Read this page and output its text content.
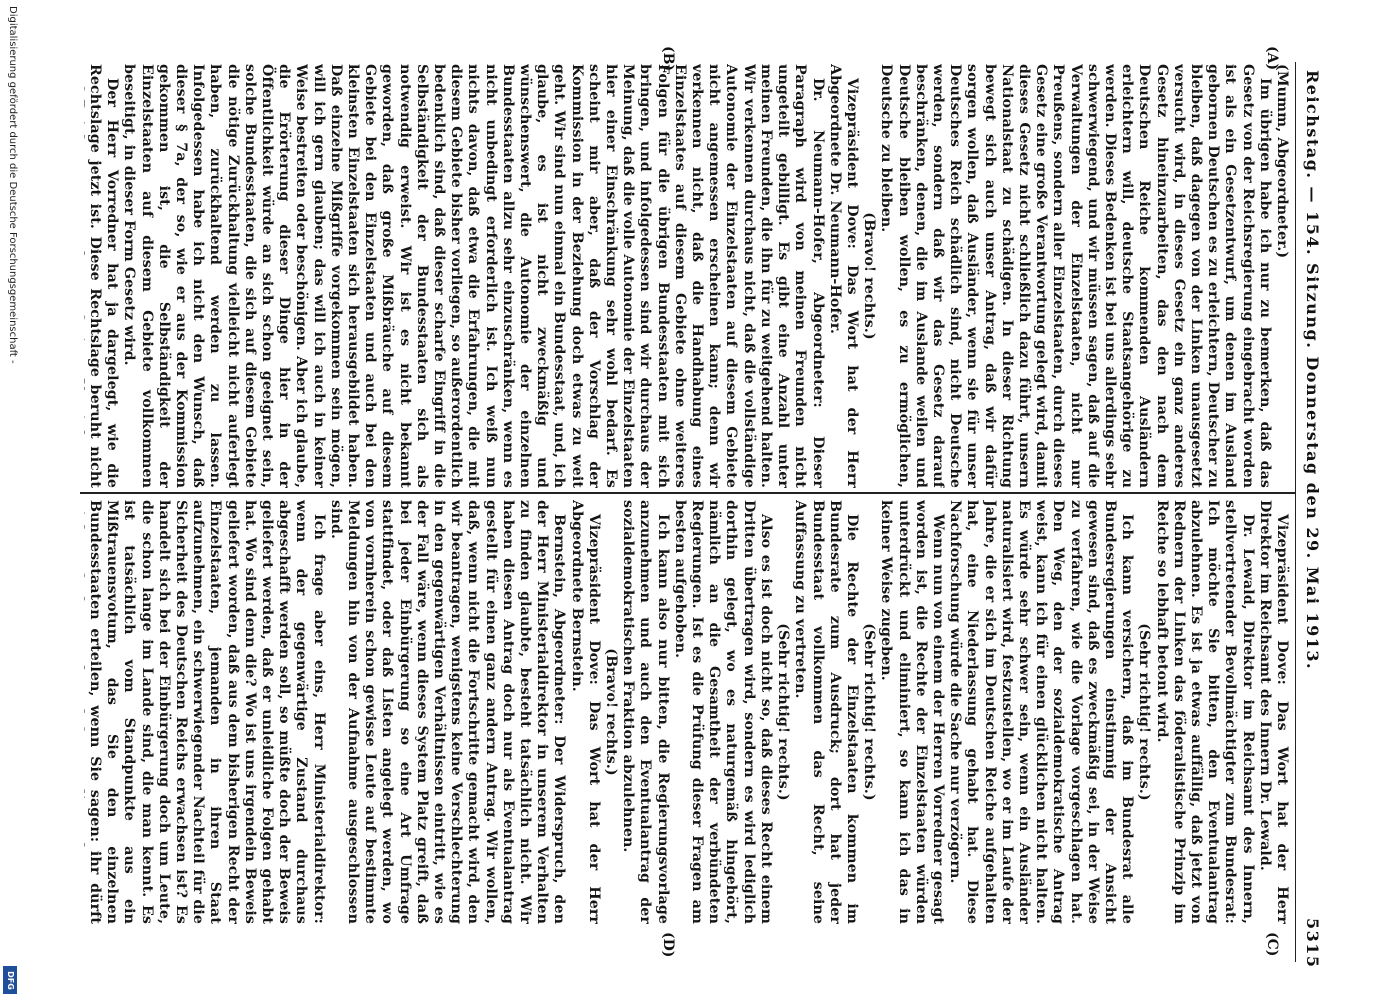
Reichstag. — 154. Sitzung. Donnerstag den 29. Mai 1913.
5315
(A)
(B)
(C)
(D)

(Mumm, Abgeordneter.)

Im übrigen habe ich nur zu bemerken, daß das Gesetz von der Reichsregierung eingebracht worden ist als ein Gesetzentwurf, um denen im Ausland gebornen Deutschen es zu erleichtern, Deutscher zu bleiben, daß dagegen von der Linken unausgesetzt versucht wird, in dieses Gesetz ein ganz anderes Gesetz hineinzuarbeiten, das den nach dem Deutschen Reiche kommenden Ausländern erleichtern will, deutsche Staatsangehörige zu werden. Dieses Bedenken ist bei uns allerdings sehr schwerwiegend, und wir müssen sagen, daß auf die Verwaltungen der Einzelstaaten, nicht nur Preußens, sondern aller Einzelstaaten, durch dieses Gesetz eine große Verantwortung gelegt wird, damit dieses Gesetz nicht schließlich dazu führt, unsern Nationalstaat zu schädigen. In dieser Richtung bewegt sich auch unser Antrag, daß wir dafür sorgen wollen, daß Ausländer, wenn sie für unser Deutsches Reich schädlich sind, nicht Deutsche werden, sondern daß wir das Gesetz darauf beschränken, denen, die im Auslande weilen und Deutsche bleiben wollen, es zu ermöglichen, Deutsche zu bleiben.

(Bravo! rechts.)

Vizepräsident Dove: Das Wort hat der Herr Abgeordnete Dr. Neumann-Hofer.

Dr. Neumann-Hofer, Abgeordneter: Dieser Paragraph wird von meinen Freunden nicht ungeteilt gebilligt. Es gibt eine Anzahl unter meinen Freunden, die ihn für zu weitgehend halten. Wir verkennen durchaus nicht, daß die vollständige Autonomie der Einzelstaaten auf diesem Gebiete nicht angemessen erscheinen kann; denn wir verkennen nicht, daß die Handhabung eines Einzelstaates auf diesem Gebiete ohne weiteres Folgen für die übrigen Bundesstaaten mit sich bringen, und infolgedessen sind wir durchaus der Meinung, daß die volle Autonomie der Einzelstaaten hier einer Einschränkung sehr wohl bedarf. Es scheint mir aber, daß der Vorschlag der Kommission in der Beziehung doch etwas zu weit geht. Wir sind nun einmal ein Bundesstaat, und, ich glaube, es ist nicht zweckmäßig und wünschenswert, die Autonomie der einzelnen Bundesstaaten allzu sehr einzuschränken, wenn es nicht unbedingt erforderlich ist. Ich weiß nun nichts davon, daß etwa die Erfahrungen, die mit diesem Gebiete bisher vorliegen, so außerordentlich bedenklich sind, daß dieser scharfe Eingriff in die Selbständigkeit der Bundesstaaten sich als notwendig erweist. Wir ist es nicht bekannt geworden, daß große Mißbräuche auf diesem Gebiete bei den Einzelstaaten und auch bei den kleinsten Einzelstaaten sich herausgebildet haben. Daß einzelne Mißgriffe vorgekommen sein mögen, will ich gern glauben; das will ich auch in keiner Weise bestreiten oder beschönigen. Aber ich glaube, die Erörterung dieser Dinge hier in der Öffentlichkeit würde an sich schon geeignet sein, solche Bundesstaaten, die sich auf diesem Gebiete die nötige Zurückhaltung vielleicht nicht auferlegt haben, zurückhaltend werden zu lassen. Infolgedessen habe ich nicht den Wunsch, daß dieser § 7a, der so, wie er aus der Kommission gekommen ist, die Selbständigkeit der Einzelstaaten auf diesem Gebiete vollkommen beseitigt, in dieser Form Gesetz wird.

Der Herr Vorredner hat ja dargelegt, wie die Rechtslage jetzt ist. Diese Rechtslage beruht nicht

Vizepräsident Dove: Das Wort hat der Herr Direktor im Reichsamt des Innern Dr. Lewald.

Dr. Lewald, Direktor im Reichsamt des Innern, stellvertretender Bevollmächtigter zum Bundesrat: Ich möchte Sie bitten, den Eventualantrag abzulehnen. Es ist ja etwas auffällig, daß jetzt von Rednern der Linken das föderalistische Prinzip im Reiche so lebhaft betont wird.

(Sehr richtig! rechts.)

Ich kann versichern, daß im Bundesrat alle Bundesregierungen einstimmig der Ansicht gewesen sind, daß es zweckmäßig sei, in der Weise zu verfahren, wie die Vorlage vorgeschlagen hat. Den Weg, den der sozialdemokratische Antrag weist, kann ich für einen glücklichen nicht halten. Es würde sehr schwer sein, wenn ein Ausländer naturalisiert wird, festzustellen, wo er im Laufe der Jahre, die er sich im Deutschen Reiche aufgehalten hat, eine Niederlassung gehabt hat. Diese Nachforschung würde die Sache nur verzögern.

Wenn nun von einem der Herren Vorredner gesagt worden ist, die Rechte der Einzelstaaten würden unterdrückt und eliminiert, so kann ich das in keiner Weise zugeben.

(Sehr richtig! rechts.)

Die Rechte der Einzelstaaten kommen im Bundesrate zum Ausdruck; dort hat jeder Bundesstaat vollkommen das Recht, seine Auffassung zu vertreten.

(Sehr richtig! rechts.)

Also es ist doch nicht so, daß dieses Recht einem Dritten übertragen wird, sondern es wird lediglich dorthin gelegt, wo es naturgemäß hingehört, nämlich an die Gesamtheit der verbündeten Regierungen. Ist es die Prüfung dieser Fragen am besten aufgehoben.

Ich kann also nur bitten, die Regierungsvorlage anzunehmen und auch den Eventualantrag der sozialdemokratischen Fraktion abzulehnen.

(Bravo! rechts.)

Vizepräsident Dove: Das Wort hat der Herr Abgeordnete Bernstein.

Bernstein, Abgeordneter: Der Widerspruch, den der Herr Ministerialdirektor in unserem Verhalten zu finden glaubte, besteht tatsächlich nicht. Wir haben diesen Antrag doch nur als Eventualantrag gestellt für einen ganz andern Antrag. Wir wollen, daß, wenn nicht die Fortschritte gemacht wird, den wir beantragen, wenigstens keine Verschlechterung in den gegenwärtigen Verhältnissen eintritt, wie es der Fall wäre, wenn dieses System Platz greift, daß bei jeder Einbürgerung so eine Art Umfrage stattfindet, oder daß Listen angelegt werden, wo von vornherein schon gewisse Leute auf bestimmte Meldungen hin von der Aufnahme ausgeschlossen sind.

Ich frage aber eins, Herr Ministerialdirektor: wenn der gegenwärtige Zustand durchaus abgeschafft werden soll, so müßte doch der Beweis geliefert werden, daß er unleidliche Folgen gehabt hat. Wo sind denn die? Wo ist uns irgendein Beweis geliefert worden, daß aus dem bisherigen Recht der Einzelstaaten, jemanden in ihren Staat aufzunehmen, ein schwerwiegender Nachteil für die Sicherheit des Deutschen Reichs erwachsen ist? Es handelt sich bei der Einbürgerung doch um Leute, die schon lange im Lande sind, die man kennt. Es ist tatsächlich vom Standpunkte aus ein Mißtrauensvotum, das Sie den einzelnen Bundesstaaten erteilen, wenn Sie sagen: ihr dürft

Digitalisierung gefördert durch die Deutsche Forschungsgemeinschaft -
DFG
